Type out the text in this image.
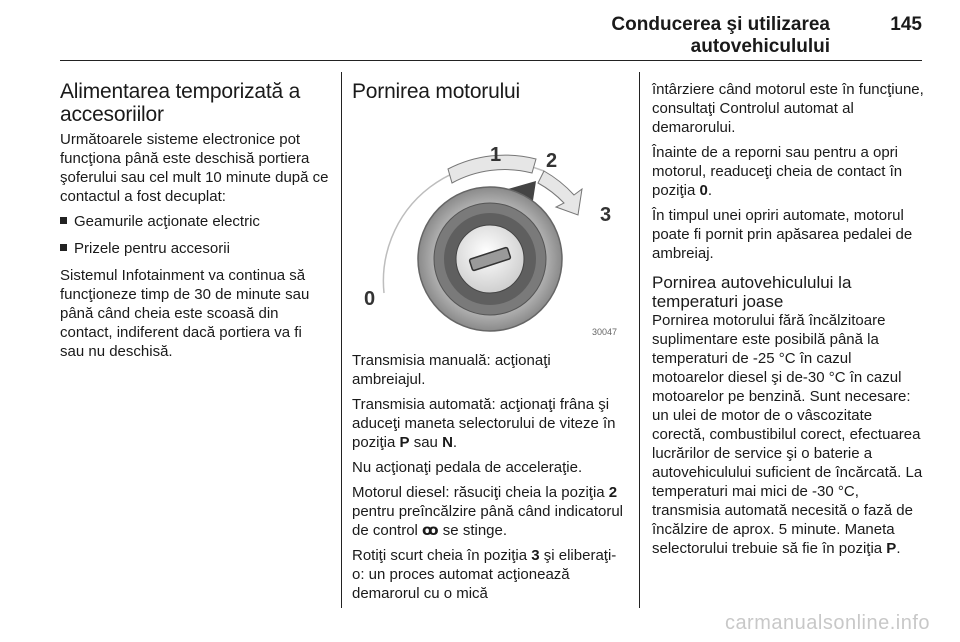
Conducerea şi utilizarea autovehiculului
145
Alimentarea temporizată a accesoriilor

Următoarele sisteme electronice pot funcţiona până este deschisă portiera şoferului sau cel mult 10 minute după ce contactul a fost decuplat:

Geamurile acţionate electric
Prizele pentru accesorii

Sistemul Infotainment va continua să funcţioneze timp de 30 de minute sau până când cheia este scoasă din contact, indiferent dacă portiera va fi sau nu deschisă.

Pornirea motorului
0
1 2
3
30047

Transmisia manuală: acţionaţi ambreiajul.

Transmisia automată: acţionaţi frâna şi aduceţi maneta selectorului de viteze în poziţia P sau N.

Nu acţionaţi pedala de acceleraţie.

Motorul diesel: răsuciţi cheia la poziţia 2 pentru preîncălzire până când indicatorul de control ꝏ se stinge.

Rotiţi scurt cheia în poziţia 3 şi eliberaţi-o: un proces automat acţionează demarorul cu o mică

întârziere când motorul este în funcţiune, consultaţi Controlul automat al demarorului.

Înainte de a reporni sau pentru a opri motorul, readuceţi cheia de contact în poziţia 0.

În timpul unei opriri automate, motorul poate fi pornit prin apăsarea pedalei de ambreiaj.

Pornirea autovehiculului la temperaturi joase

Pornirea motorului fără încălzitoare suplimentare este posibilă până la temperaturi de -25 °C în cazul motoarelor diesel şi de-30 °C în cazul motoarelor pe benzină. Sunt necesare: un ulei de motor de o vâscozitate corectă, combustibilul corect, efectuarea lucrărilor de service şi o baterie a autovehiculului suficient de încărcată. La temperaturi mai mici de -30 °C, transmisia automată necesită o fază de încălzire de aprox. 5 minute. Maneta selectorului trebuie să fie în poziţia P.

carmanualsonline.info
